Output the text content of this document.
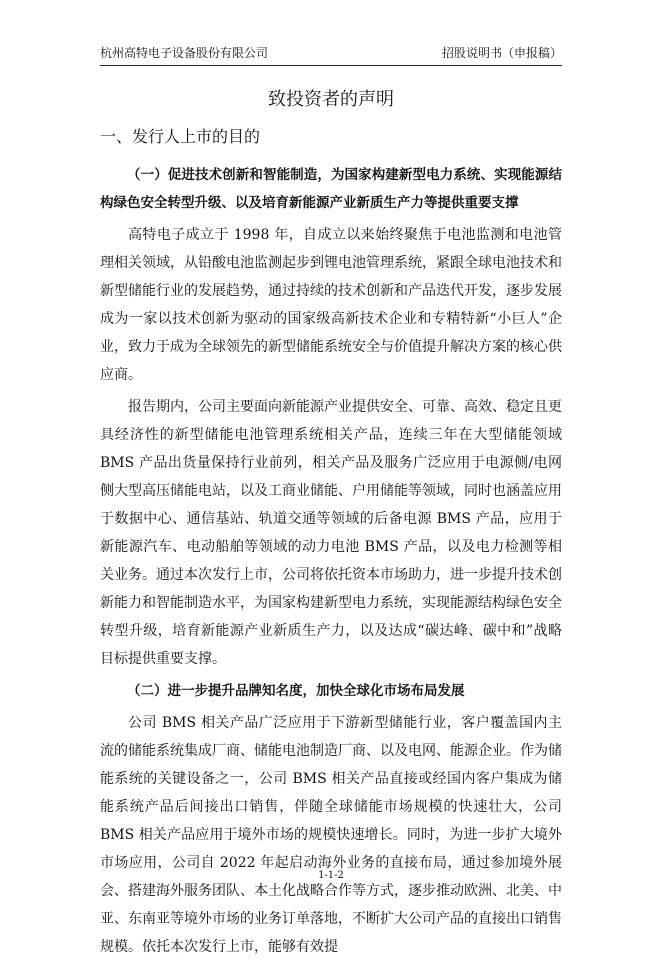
杭州高特电子设备股份有限公司	招股说明书（申报稿）
致投资者的声明
一、发行人上市的目的

（一）促进技术创新和智能制造，为国家构建新型电力系统、实现能源结构绿色安全转型升级、以及培育新能源产业新质生产力等提供重要支撑

高特电子成立于 1998 年，自成立以来始终聚焦于电池监测和电池管理相关领域，从铅酸电池监测起步到锂电池管理系统，紧跟全球电池技术和新型储能行业的发展趋势，通过持续的技术创新和产品迭代开发，逐步发展成为一家以技术创新为驱动的国家级高新技术企业和专精特新“小巨人”企业，致力于成为全球领先的新型储能系统安全与价值提升解决方案的核心供应商。

报告期内，公司主要面向新能源产业提供安全、可靠、高效、稳定且更具经济性的新型储能电池管理系统相关产品，连续三年在大型储能领域 BMS 产品出货量保持行业前列，相关产品及服务广泛应用于电源侧/电网侧大型高压储能电站，以及工商业储能、户用储能等领域，同时也涵盖应用于数据中心、通信基站、轨道交通等领域的后备电源 BMS 产品，应用于新能源汽车、电动船舶等领域的动力电池 BMS 产品，以及电力检测等相关业务。通过本次发行上市，公司将依托资本市场助力，进一步提升技术创新能力和智能制造水平，为国家构建新型电力系统，实现能源结构绿色安全转型升级，培育新能源产业新质生产力，以及达成“碳达峰、碳中和”战略目标提供重要支撑。

（二）进一步提升品牌知名度，加快全球化市场布局发展

公司 BMS 相关产品广泛应用于下游新型储能行业，客户覆盖国内主流的储能系统集成厂商、储能电池制造厂商、以及电网、能源企业。作为储能系统的关键设备之一，公司 BMS 相关产品直接或经国内客户集成为储能系统产品后间接出口销售，伴随全球储能市场规模的快速壮大，公司 BMS 相关产品应用于境外市场的规模快速增长。同时，为进一步扩大境外市场应用，公司自 2022 年起启动海外业务的直接布局，通过参加境外展会、搭建海外服务团队、本土化战略合作等方式，逐步推动欧洲、北美、中亚、东南亚等境外市场的业务订单落地，不断扩大公司产品的直接出口销售规模。依托本次发行上市，能够有效提

1-1-2
